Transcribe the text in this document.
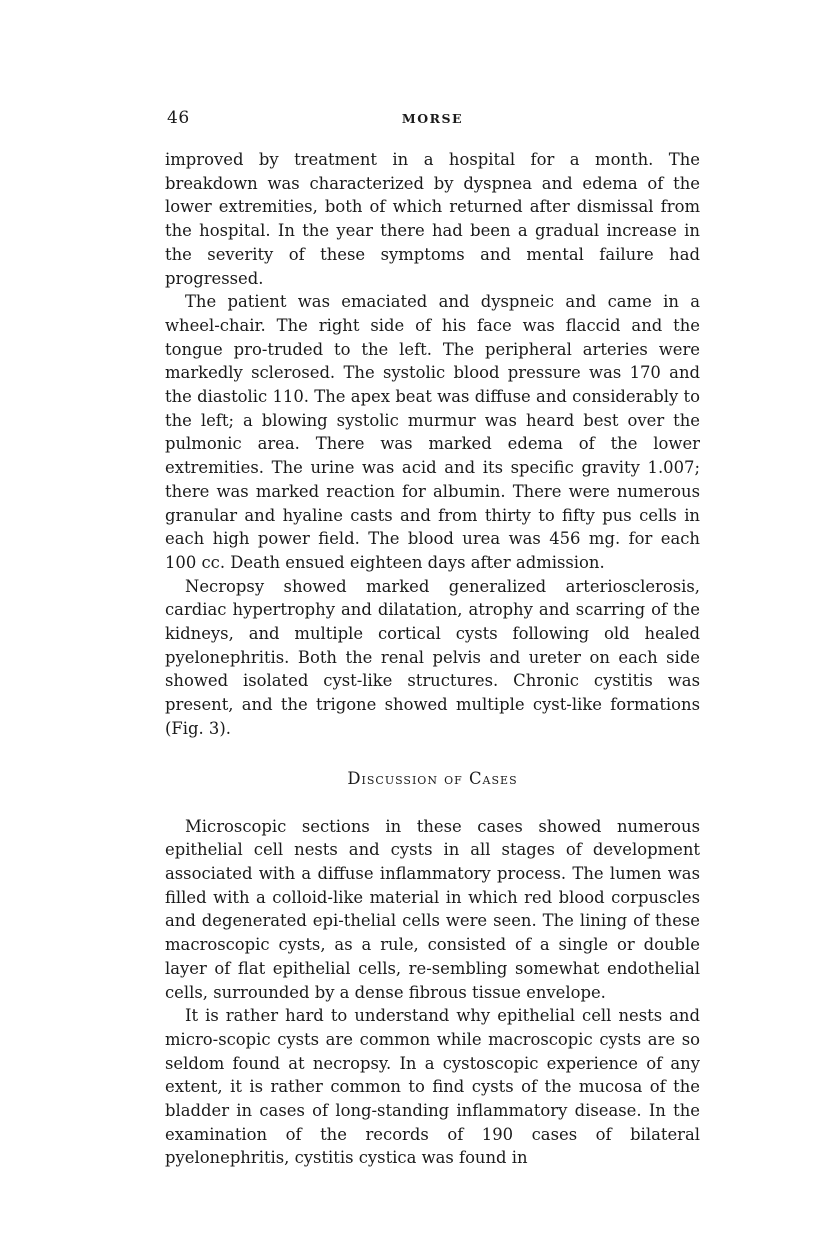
46	MORSE

improved by treatment in a hospital for a month. The breakdown was characterized by dyspnea and edema of the lower extremities, both of which returned after dismissal from the hospital. In the year there had been a gradual increase in the severity of these symptoms and mental failure had progressed.

The patient was emaciated and dyspneic and came in a wheel-chair. The right side of his face was flaccid and the tongue pro-truded to the left. The peripheral arteries were markedly sclerosed. The systolic blood pressure was 170 and the diastolic 110. The apex beat was diffuse and considerably to the left; a blowing systolic murmur was heard best over the pulmonic area. There was marked edema of the lower extremities. The urine was acid and its specific gravity 1.007; there was marked reaction for albumin. There were numerous granular and hyaline casts and from thirty to fifty pus cells in each high power field. The blood urea was 456 mg. for each 100 cc. Death ensued eighteen days after admission.

Necropsy showed marked generalized arteriosclerosis, cardiac hypertrophy and dilatation, atrophy and scarring of the kidneys, and multiple cortical cysts following old healed pyelonephritis. Both the renal pelvis and ureter on each side showed isolated cyst-like structures. Chronic cystitis was present, and the trigone showed multiple cyst-like formations (Fig. 3).

Discussion of Cases

Microscopic sections in these cases showed numerous epithelial cell nests and cysts in all stages of development associated with a diffuse inflammatory process. The lumen was filled with a colloid-like material in which red blood corpuscles and degenerated epi-thelial cells were seen. The lining of these macroscopic cysts, as a rule, consisted of a single or double layer of flat epithelial cells, re-sembling somewhat endothelial cells, surrounded by a dense fibrous tissue envelope.

It is rather hard to understand why epithelial cell nests and micro-scopic cysts are common while macroscopic cysts are so seldom found at necropsy. In a cystoscopic experience of any extent, it is rather common to find cysts of the mucosa of the bladder in cases of long-standing inflammatory disease. In the examination of the records of 190 cases of bilateral pyelonephritis, cystitis cystica was found in
